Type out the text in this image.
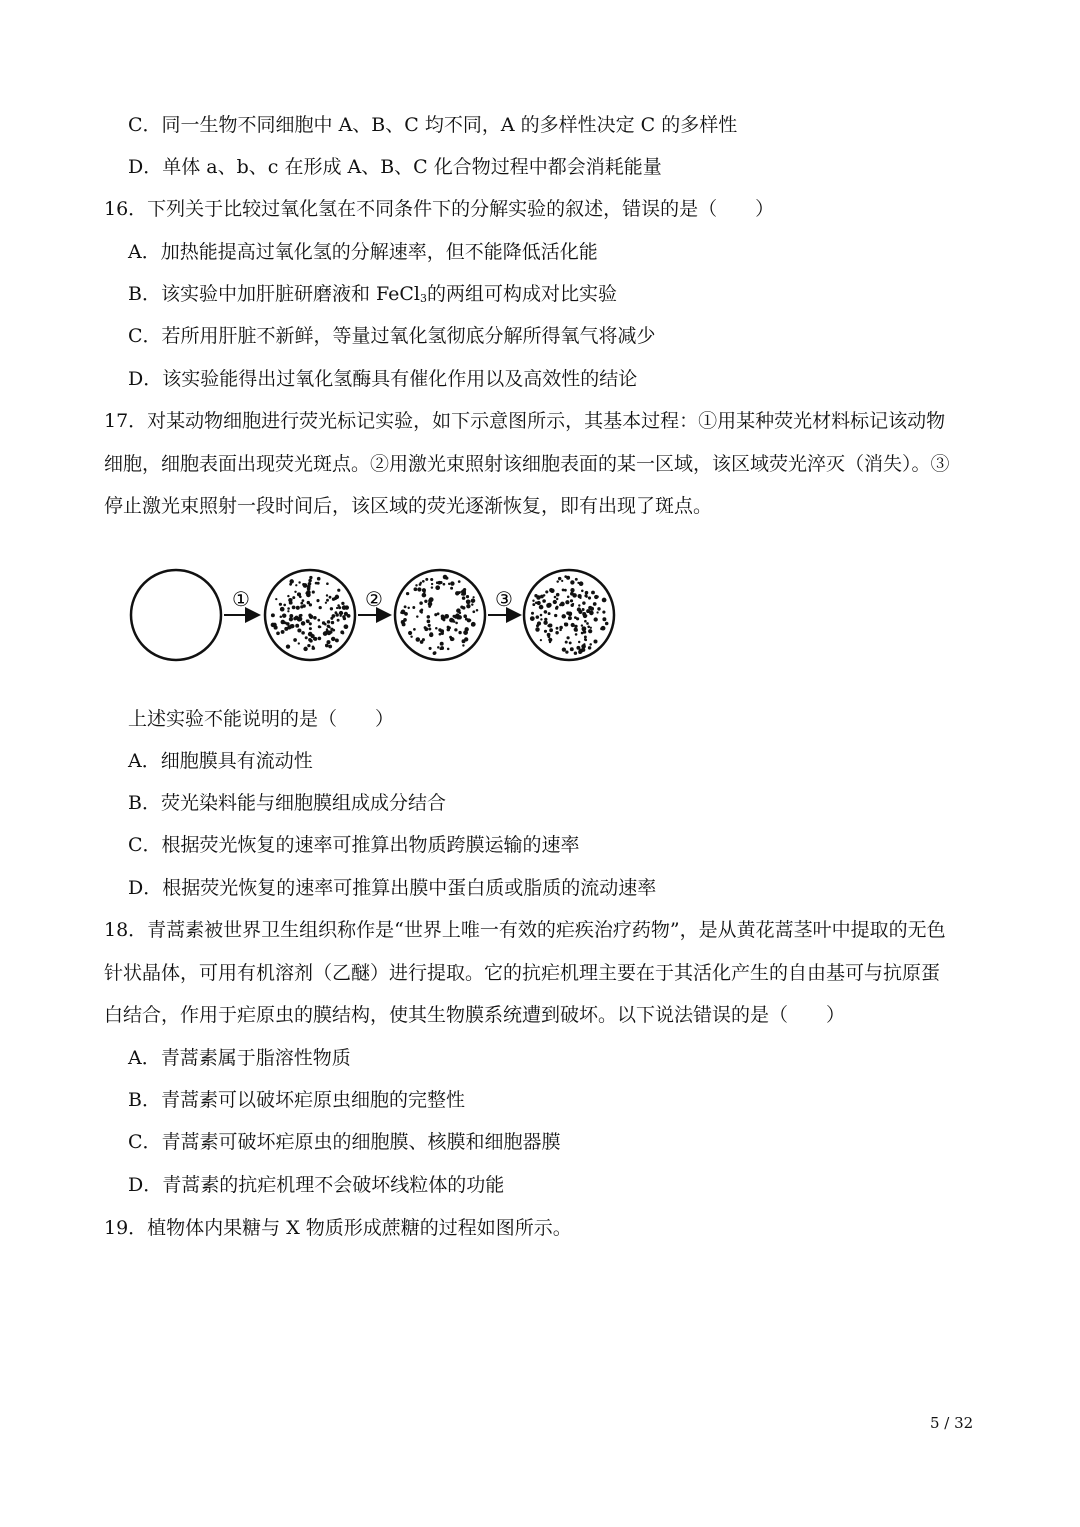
C．同一生物不同细胞中 A、B、C 均不同，A 的多样性决定 C 的多样性
D．单体 a、b、c 在形成 A、B、C 化合物过程中都会消耗能量
16．下列关于比较过氧化氢在不同条件下的分解实验的叙述，错误的是（　　）
A．加热能提高过氧化氢的分解速率，但不能降低活化能
B．该实验中加肝脏研磨液和 FeCl$_3$的两组可构成对比实验
C．若所用肝脏不新鲜，等量过氧化氢彻底分解所得氧气将减少
D．该实验能得出过氧化氢酶具有催化作用以及高效性的结论
17．对某动物细胞进行荧光标记实验，如下示意图所示，其基本过程：①用某种荧光材料标记该动物
细胞，细胞表面出现荧光斑点。②用激光束照射该细胞表面的某一区域，该区域荧光淬灭（消失）。③
停止激光束照射一段时间后，该区域的荧光逐渐恢复，即有出现了斑点。
①	②	③
上述实验不能说明的是（　　）
A．细胞膜具有流动性
B．荧光染料能与细胞膜组成成分结合
C．根据荧光恢复的速率可推算出物质跨膜运输的速率
D．根据荧光恢复的速率可推算出膜中蛋白质或脂质的流动速率
18．青蒿素被世界卫生组织称作是“世界上唯一有效的疟疾治疗药物”，是从黄花蒿茎叶中提取的无色
针状晶体，可用有机溶剂（乙醚）进行提取。它的抗疟机理主要在于其活化产生的自由基可与抗原蛋
白结合，作用于疟原虫的膜结构，使其生物膜系统遭到破坏。以下说法错误的是（　　）
A．青蒿素属于脂溶性物质
B．青蒿素可以破坏疟原虫细胞的完整性
C．青蒿素可破坏疟原虫的细胞膜、核膜和细胞器膜
D．青蒿素的抗疟机理不会破坏线粒体的功能
19．植物体内果糖与 X 物质形成蔗糖的过程如图所示。
5 / 32
